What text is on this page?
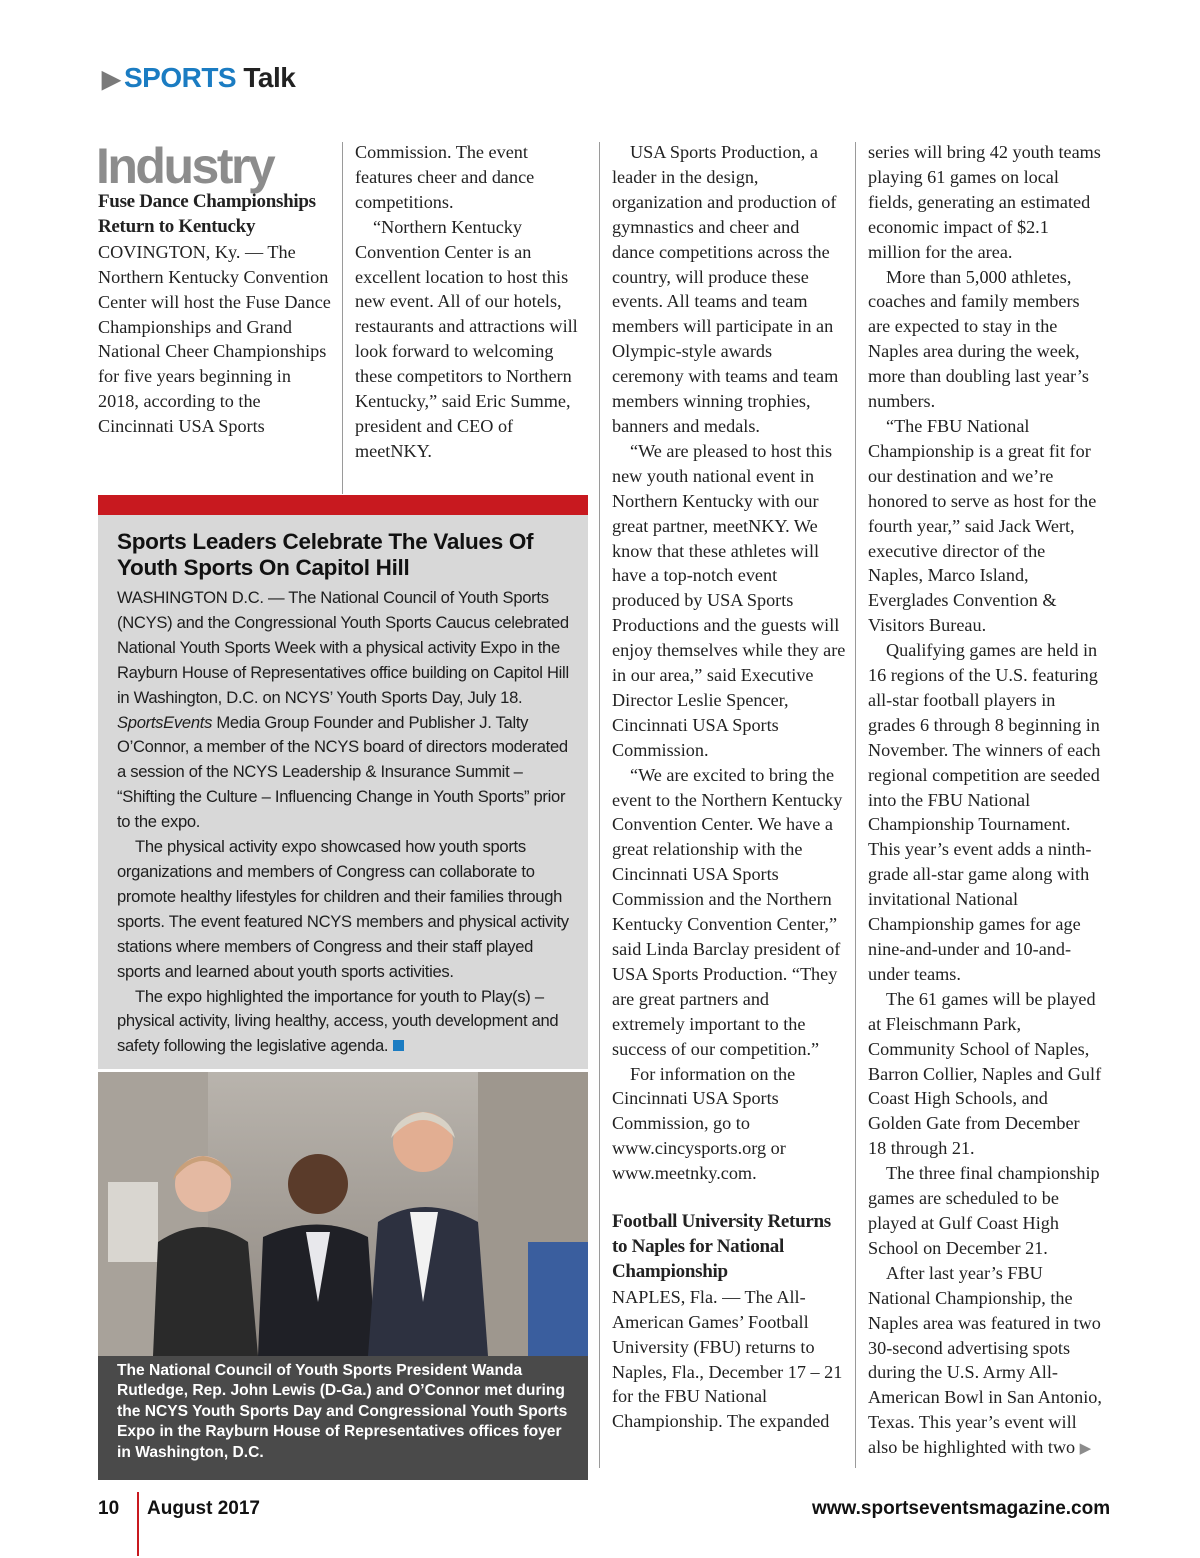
▶ SPORTS Talk
Industry
Fuse Dance Championships Return to Kentucky

COVINGTON, Ky. — The Northern Kentucky Convention Center will host the Fuse Dance Championships and Grand National Cheer Championships for five years beginning in 2018, according to the Cincinnati USA Sports

Commission. The event features cheer and dance competitions.

“Northern Kentucky Convention Center is an excellent location to host this new event. All of our hotels, restaurants and attractions will look forward to welcoming these competitors to Northern Kentucky,” said Eric Summe, president and CEO of meetNKY.

Sports Leaders Celebrate The Values Of Youth Sports On Capitol Hill

WASHINGTON D.C. — The National Council of Youth Sports (NCYS) and the Congressional Youth Sports Caucus celebrated National Youth Sports Week with a physical activity Expo in the Rayburn House of Representatives office building on Capitol Hill in Washington, D.C. on NCYS’ Youth Sports Day, July 18. SportsEvents Media Group Founder and Publisher J. Talty O’Connor, a member of the NCYS board of directors moderated a session of the NCYS Leadership & Insurance Summit – “Shifting the Culture – Influencing Change in Youth Sports” prior to the expo.

The physical activity expo showcased how youth sports organizations and members of Congress can collaborate to promote healthy lifestyles for children and their families through sports. The event featured NCYS members and physical activity stations where members of Congress and their staff played sports and learned about youth sports activities.

The expo highlighted the importance for youth to Play(s) – physical activity, living healthy, access, youth development and safety following the legislative agenda.

The National Council of Youth Sports President Wanda Rutledge, Rep. John Lewis (D-Ga.) and O’Connor met during the NCYS Youth Sports Day and Congressional Youth Sports Expo in the Rayburn House of Representatives offices foyer in Washington, D.C.

USA Sports Production, a leader in the design, organization and production of gymnastics and cheer and dance competitions across the country, will produce these events. All teams and team members will participate in an Olympic-style awards ceremony with teams and team members winning trophies, banners and medals.

“We are pleased to host this new youth national event in Northern Kentucky with our great partner, meetNKY. We know that these athletes will have a top-notch event produced by USA Sports Productions and the guests will enjoy themselves while they are in our area,” said Executive Director Leslie Spencer, Cincinnati USA Sports Commission.

“We are excited to bring the event to the Northern Kentucky Convention Center. We have a great relationship with the Cincinnati USA Sports Commission and the Northern Kentucky Convention Center,” said Linda Barclay president of USA Sports Production. “They are great partners and extremely important to the success of our competition.”

For information on the Cincinnati USA Sports Commission, go to www.cincysports.org or www.meetnky.com.

Football University Returns to Naples for National Championship

NAPLES, Fla. — The All-American Games’ Football University (FBU) returns to Naples, Fla., December 17 – 21 for the FBU National Championship. The expanded

series will bring 42 youth teams playing 61 games on local fields, generating an estimated economic impact of $2.1 million for the area.

More than 5,000 athletes, coaches and family members are expected to stay in the Naples area during the week, more than doubling last year’s numbers.

“The FBU National Championship is a great fit for our destination and we’re honored to serve as host for the fourth year,” said Jack Wert, executive director of the Naples, Marco Island, Everglades Convention & Visitors Bureau.

Qualifying games are held in 16 regions of the U.S. featuring all-star football players in grades 6 through 8 beginning in November. The winners of each regional competition are seeded into the FBU National Championship Tournament. This year’s event adds a ninth-grade all-star game along with invitational National Championship games for age nine-and-under and 10-and-under teams.

The 61 games will be played at Fleischmann Park, Community School of Naples, Barron Collier, Naples and Gulf Coast High Schools, and Golden Gate from December 18 through 21.

The three final championship games are scheduled to be played at Gulf Coast High School on December 21.

After last year’s FBU National Championship, the Naples area was featured in two 30-second advertising spots during the U.S. Army All-American Bowl in San Antonio, Texas. This year’s event will also be highlighted with two ▶

10 August 2017	www.sportseventsmagazine.com
